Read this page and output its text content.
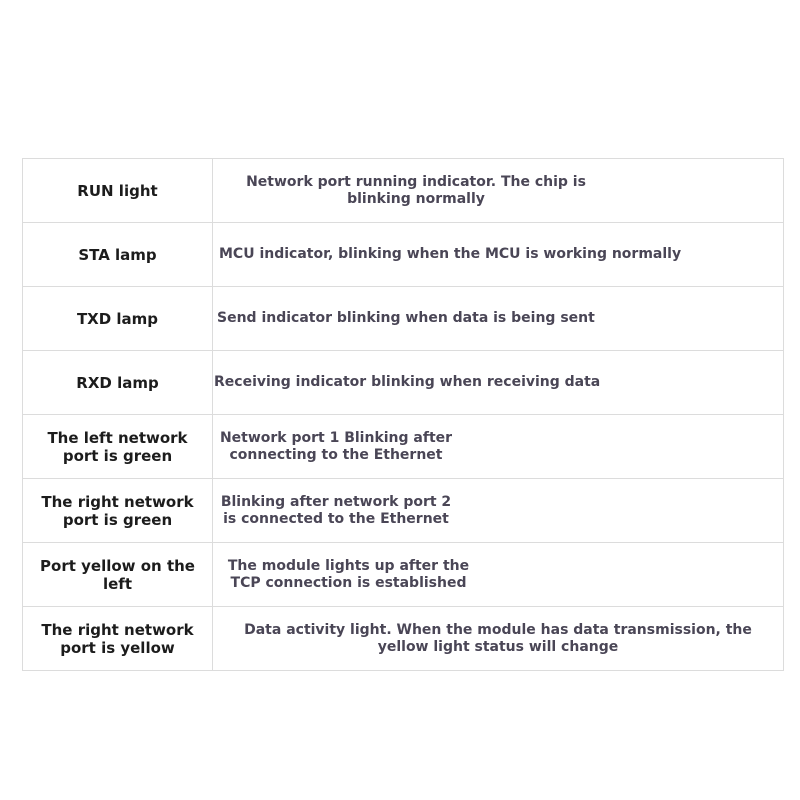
RUN light	Network port running indicator. The chip is blinking normally

STA lamp	MCU indicator, blinking when the MCU is working normally

TXD lamp	Send indicator blinking when data is being sent

RXD lamp	Receiving indicator blinking when receiving data

The left network port is green	Network port 1 Blinking after connecting to the Ethernet

The right network port is green	Blinking after network port 2 is connected to the Ethernet

Port yellow on the left	The module lights up after the TCP connection is established

The right network port is yellow	Data activity light. When the module has data transmission, the yellow light status will change
